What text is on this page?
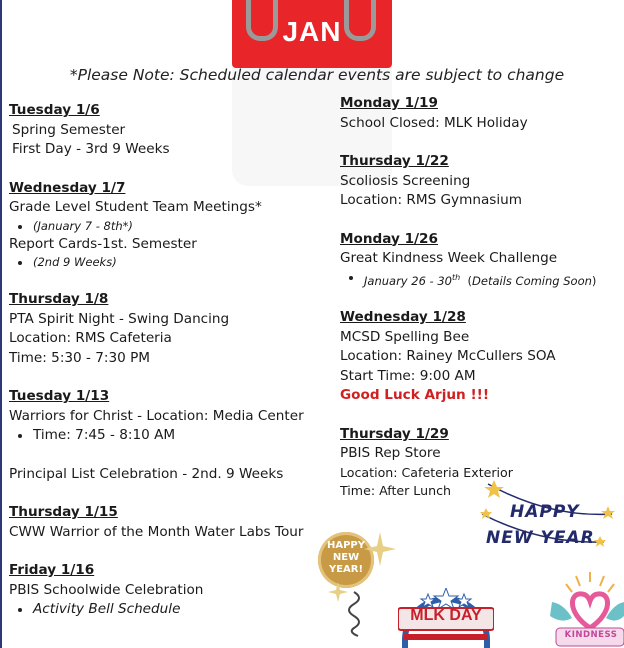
JAN
*Please Note: Scheduled calendar events are subject to change
Tuesday 1/6
Spring Semester
First Day - 3rd 9 Weeks
Wednesday 1/7
Grade Level Student Team Meetings*
(January 7 - 8th*)
Report Cards-1st. Semester
(2nd 9 Weeks)
Thursday 1/8
PTA Spirit Night - Swing Dancing
Location: RMS Cafeteria
Time: 5:30 - 7:30 PM
Tuesday 1/13
Warriors for Christ - Location: Media Center
Time: 7:45 - 8:10 AM
Principal List Celebration - 2nd. 9 Weeks
Thursday 1/15
CWW Warrior of the Month Water Labs Tour
Friday 1/16
PBIS Schoolwide Celebration
Activity Bell Schedule
Monday 1/19
School Closed: MLK Holiday
Thursday 1/22
Scoliosis Screening
Location: RMS Gymnasium
Monday 1/26
Great Kindness Week Challenge
January 26 - 30th (Details Coming Soon)
Wednesday 1/28
MCSD Spelling Bee
Location: Rainey McCullers SOA
Start Time: 9:00 AM
Good Luck Arjun !!!
Thursday 1/29
PBIS Rep Store
Location: Cafeteria Exterior
Time: After Lunch
HAPPY
NEW YEAR
HAPPY
NEW
YEAR!
MLK DAY
KINDNESS
